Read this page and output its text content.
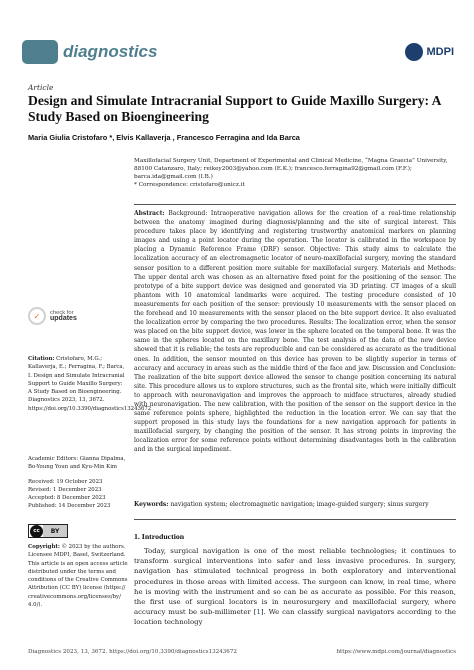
diagnostics	MDPI
Article
Design and Simulate Intracranial Support to Guide Maxillo Surgery: A Study Based on Bioengineering
Maria Giulia Cristofaro *, Elvis Kallaverja , Francesco Ferragina and Ida Barca
Maxillofacial Surgery Unit, Department of Experimental and Clinical Medicine, “Magna Graecia” University,
88100 Catanzaro, Italy; reikey2003@yahoo.com (E.K.); francesco.ferragina92@gmail.com (F.F.);
barca.ida@gmail.com (I.B.)
* Correspondence: cristofaro@unicz.it
Abstract: Background: Intraoperative navigation allows for the creation of a real-time relationship between the anatomy imagined during diagnosis/planning and the site of surgical interest. This procedure takes place by identifying and registering trustworthy anatomical markers on planning images and using a point locator during the operation. The locator is calibrated in the workspace by placing a Dynamic Reference Frame (DRF) sensor. Objective: This study aims to calculate the localization accuracy of an electromagnetic locator of neuro-maxillofacial surgery, moving the standard sensor position to a different position more suitable for maxillofacial surgery. Materials and Methods: The upper dental arch was chosen as an alternative fixed point for the positioning of the sensor. The prototype of a bite support device was designed and generated via 3D printing. CT images of a skull phantom with 10 anatomical landmarks were acquired. The testing procedure consisted of 10 measurements for each position of the sensor: previously 10 measurements with the sensor placed on the forehead and 10 measurements with the sensor placed on the bite support device. It also evaluated the localization error by comparing the two procedures. Results: The localization error, when the sensor was placed on the bite support device, was lower in the sphere located on the temporal bone. It was the same in the spheres located on the maxillary bone. The test analysis of the data of the new device showed that it is reliable; the tests are reproducible and can be considered as accurate as the traditional ones. In addition, the sensor mounted on this device has proven to be slightly superior in terms of accuracy and accuracy in areas such as the middle third of the face and jaw. Discussion and Conclusion: The realization of the bite support device allowed the sensor to change position concerning its natural site. This procedure allows us to explore structures, such as the frontal site, which were initially difficult to approach with neuronavigation and improves the approach to midface structures, already studied with neuronavigation. The new calibration, with the position of the sensor on the support device in the same reference points sphere, highlighted the reduction in the location error. We can say that the support proposed in this study lays the foundations for a new navigation approach for patients in maxillofacial surgery, by changing the position of the sensor. It has strong points in improving the localization error for some reference points without determining disadvantages both in the calibration and in the surgical impediment.
Keywords: navigation system; electromagnetic navigation; image-guided surgery; sinus surgery
✓	check for
updates
Citation: Cristofaro, M.G.; Kallaverja, E.; Ferragina, F.; Barca, I. Design and Simulate Intracranial Support to Guide Maxillo Surgery: A Study Based on Bioengineering. Diagnostics 2023, 13, 3672. https://doi.org/10.3390/diagnostics13243672
Academic Editors: Gianna Dipalma, Bo-Young Youn and Kyu-Min Kim
Received: 19 October 2023
Revised: 1 December 2023
Accepted: 8 December 2023
Published: 14 December 2023
cc	BY
Copyright: © 2023 by the authors. Licensee MDPI, Basel, Switzerland. This article is an open access article distributed under the terms and conditions of the Creative Commons Attribution (CC BY) license (https:// creativecommons.org/licenses/by/ 4.0/).
1. Introduction
Today, surgical navigation is one of the most reliable technologies; it continues to transform surgical interventions into safer and less invasive procedures. In surgery, navigation has stimulated technical progress in both exploratory and interventional procedures in those areas with limited access. The surgeon can know, in real time, where he is moving with the instrument and so can be as accurate as possible. For this reason, the first use of surgical locators is in neurosurgery and maxillofacial surgery, where accuracy must be sub-millimeter [1]. We can classify surgical navigators according to the location technology
Diagnostics 2023, 13, 3672. https://doi.org/10.3390/diagnostics13243672	https://www.mdpi.com/journal/diagnostics
